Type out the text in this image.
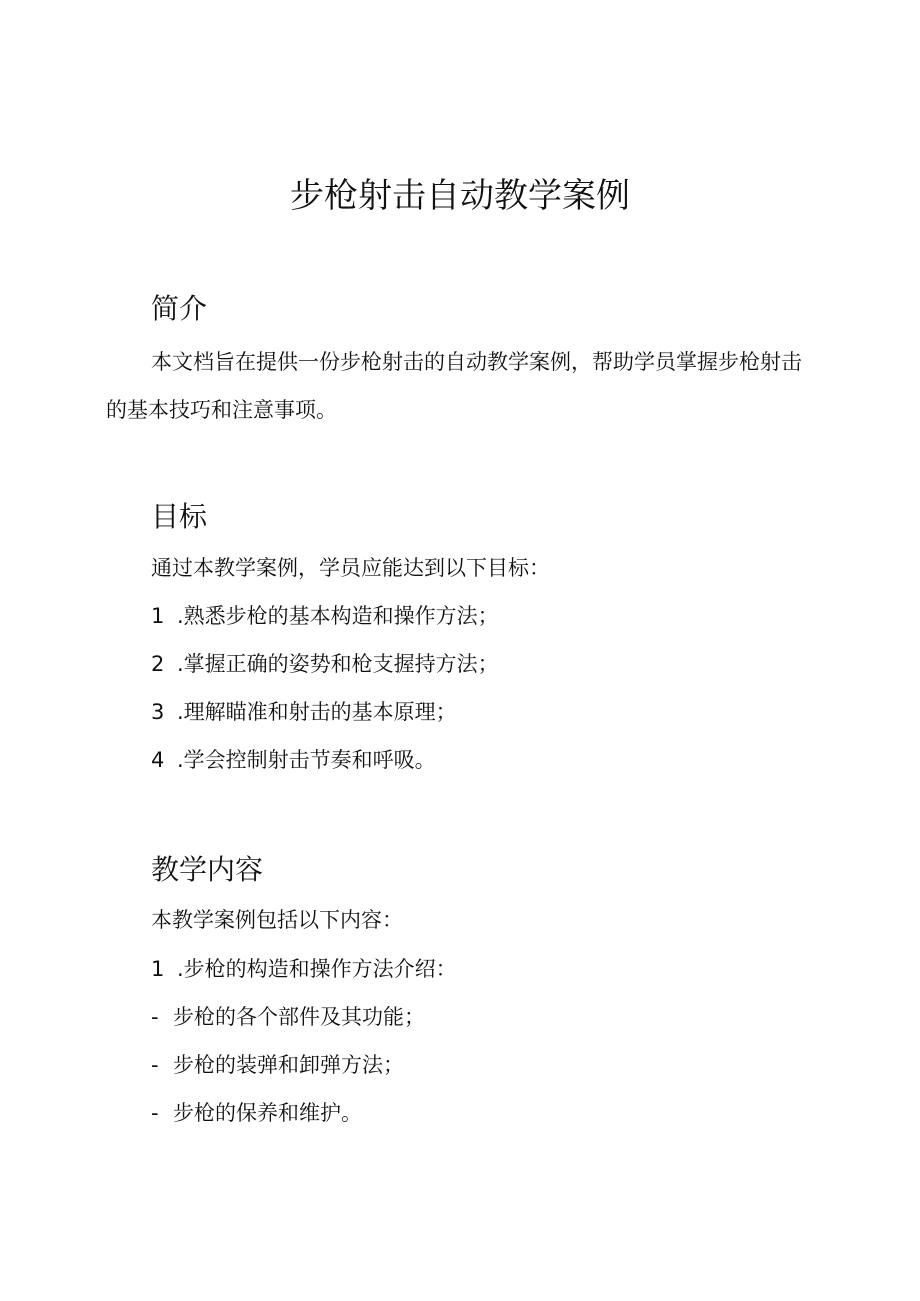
步枪射击自动教学案例
简介
本文档旨在提供一份步枪射击的自动教学案例，帮助学员掌握步枪射击的基本技巧和注意事项。
目标
通过本教学案例，学员应能达到以下目标：
1 .熟悉步枪的基本构造和操作方法；
2 .掌握正确的姿势和枪支握持方法；
3 .理解瞄准和射击的基本原理；
4 .学会控制射击节奏和呼吸。
教学内容
本教学案例包括以下内容：
1 .步枪的构造和操作方法介绍：
- 步枪的各个部件及其功能；
- 步枪的装弹和卸弹方法；
- 步枪的保养和维护。
